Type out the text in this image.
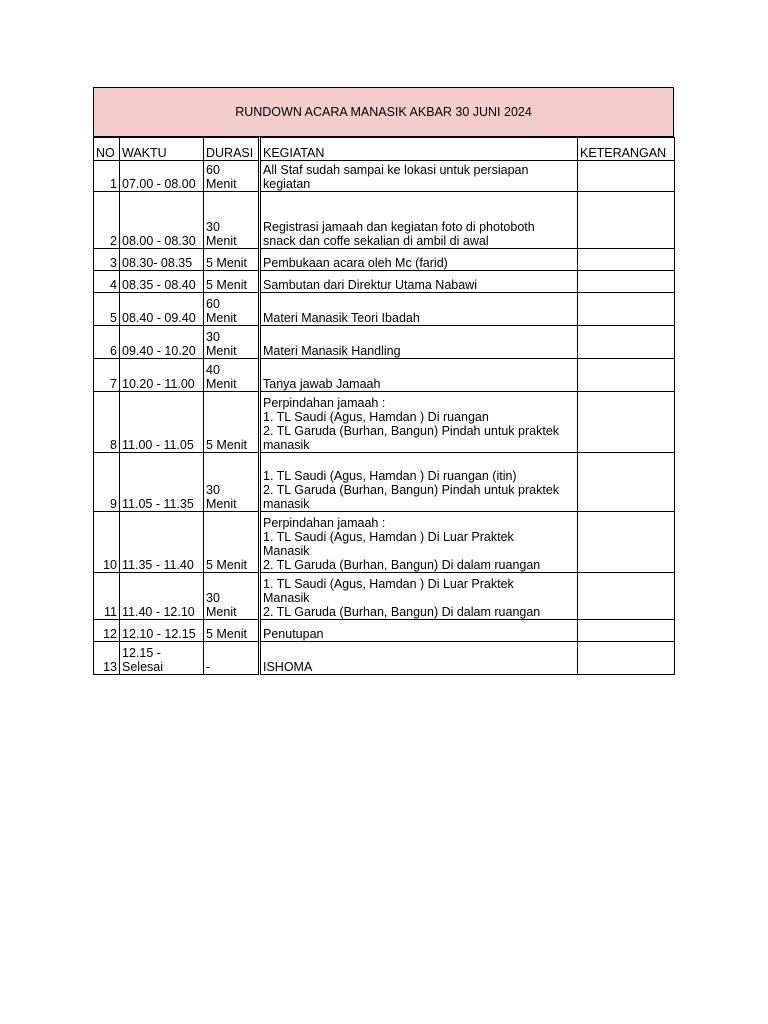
RUNDOWN ACARA MANASIK AKBAR 30 JUNI 2024
NO	WAKTU	DURASI	KEGIATAN	KETERANGAN
1	07.00 - 08.00	60
Menit	All Staf sudah sampai ke lokasi untuk persiapan
kegiatan	
2	08.00 - 08.30	30
Menit	Registrasi jamaah dan kegiatan foto di photoboth
snack dan coffe sekalian di ambil di awal	
3	08.30- 08.35	5 Menit	Pembukaan acara oleh Mc (farid)	
4	08.35 - 08.40	5 Menit	Sambutan dari Direktur Utama Nabawi	
5	08.40 - 09.40	60
Menit	Materi Manasik Teori Ibadah	
6	09.40 - 10.20	30
Menit	Materi Manasik Handling	
7	10.20 - 11.00	40
Menit	Tanya jawab Jamaah	
8	11.00 - 11.05	5 Menit	Perpindahan jamaah :
1. TL Saudi (Agus, Hamdan ) Di ruangan
2. TL Garuda (Burhan, Bangun) Pindah untuk praktek
manasik	
9	11.05 - 11.35	30
Menit	1. TL Saudi (Agus, Hamdan ) Di ruangan (itin)
2. TL Garuda (Burhan, Bangun) Pindah untuk praktek
manasik	
10	11.35 - 11.40	5 Menit	Perpindahan jamaah :
1. TL Saudi (Agus, Hamdan ) Di Luar Praktek
Manasik
2. TL Garuda (Burhan, Bangun) Di dalam ruangan	
11	11.40 - 12.10	30
Menit	1. TL Saudi (Agus, Hamdan ) Di Luar Praktek
Manasik
2. TL Garuda (Burhan, Bangun) Di dalam ruangan	
12	12.10 - 12.15	5 Menit	Penutupan	
13	12.15 -
Selesai	-	ISHOMA	
